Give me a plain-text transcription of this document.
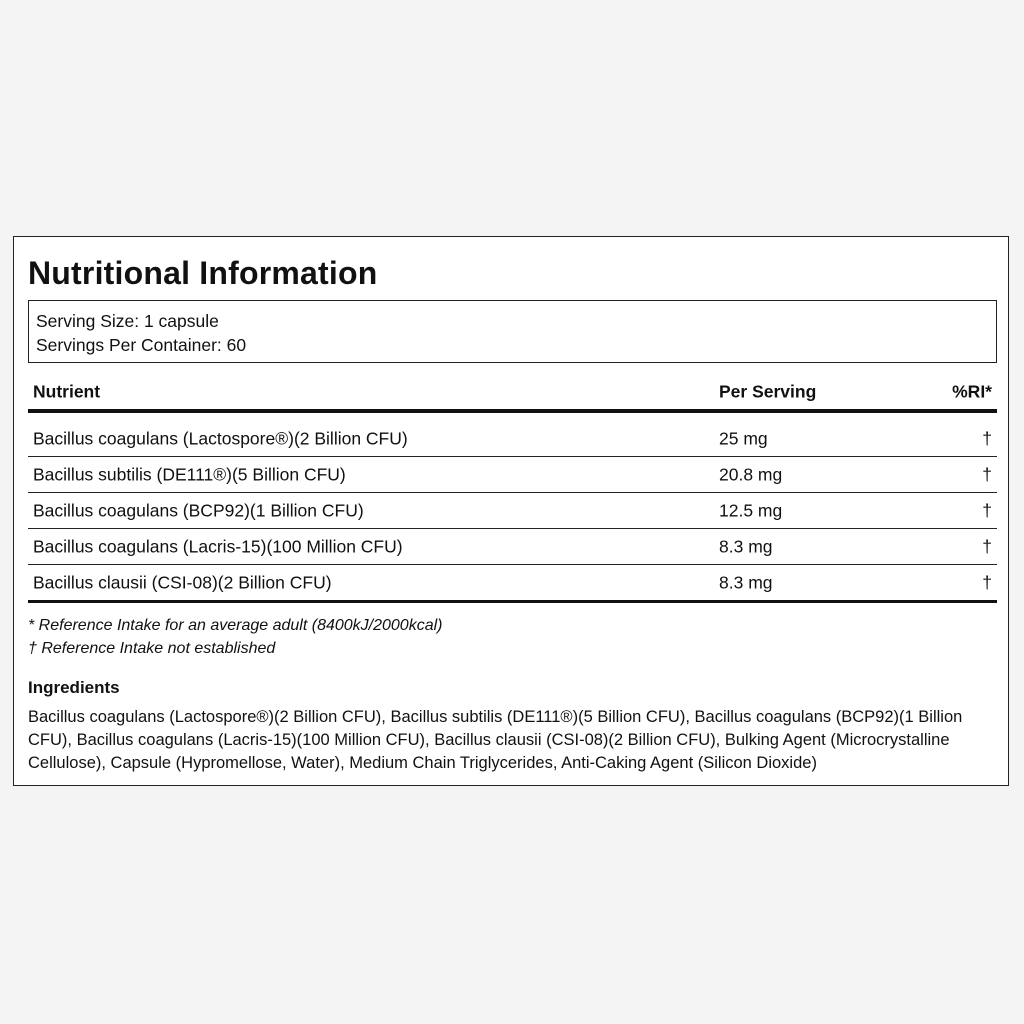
Nutritional Information
Serving Size: 1 capsule
Servings Per Container: 60
Nutrient	Per Serving	%RI*
Bacillus coagulans (Lactospore®)(2 Billion CFU)	25 mg	†
Bacillus subtilis (DE111®)(5 Billion CFU)	20.8 mg	†
Bacillus coagulans (BCP92)(1 Billion CFU)	12.5 mg	†
Bacillus coagulans (Lacris-15)(100 Million CFU)	8.3 mg	†
Bacillus clausii (CSI-08)(2 Billion CFU)	8.3 mg	†
* Reference Intake for an average adult (8400kJ/2000kcal)
† Reference Intake not established
Ingredients

Bacillus coagulans (Lactospore®)(2 Billion CFU), Bacillus subtilis (DE111®)(5 Billion CFU), Bacillus coagulans (BCP92)(1 Billion CFU), Bacillus coagulans (Lacris-15)(100 Million CFU), Bacillus clausii (CSI-08)(2 Billion CFU), Bulking Agent (Microcrystalline Cellulose), Capsule (Hypromellose, Water), Medium Chain Triglycerides, Anti-Caking Agent (Silicon Dioxide)
